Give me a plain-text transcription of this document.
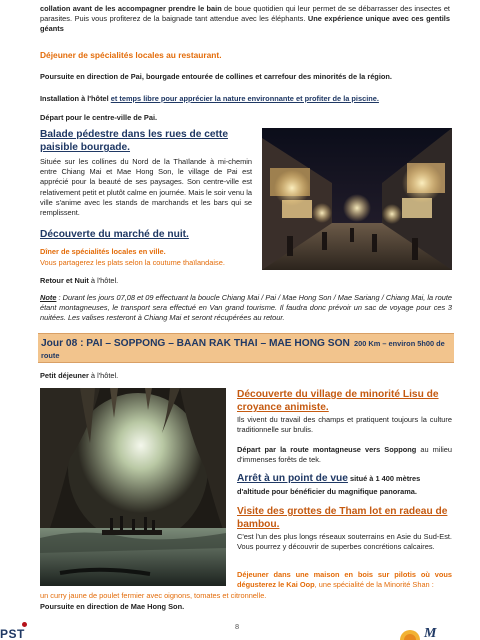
collation avant de les accompagner prendre le bain de boue quotidien qui leur permet de se débarrasser des insectes et parasites. Puis vous profiterez de la baignade tant attendue avec les éléphants. Une expérience unique avec ces gentils géants
Déjeuner de spécialités locales au restaurant.
Poursuite en direction de Pai, bourgade entourée de collines et carrefour des minorités de la région.
Installation à l'hôtel et temps libre pour apprécier la nature environnante et profiter de la piscine.
Départ pour le centre-ville de Pai.
Balade pédestre dans les rues de cette paisible bourgade.
Située sur les collines du Nord de la Thaïlande à mi-chemin entre Chiang Mai et Mae Hong Son, le village de Pai est apprécié pour la beauté de ses paysages. Son centre-ville est relativement petit et plutôt calme en journée. Mais le soir venu la ville s'anime avec les stands de marchands et les bars qui se remplissent.
Découverte du marché de nuit.
Dîner de spécialités locales en ville.
Vous partagerez les plats selon la coutume thaïlandaise.
Retour et Nuit à l'hôtel.
Note : Durant les jours 07,08 et 09 effectuant la boucle Chiang Mai / Pai / Mae Hong Son / Mae Sariang / Chiang Mai, la route étant montagneuses, le transport sera effectué en Van grand tourisme. Il faudra donc prévoir un sac de voyage pour ces 3 nuitées. Les valises resteront à Chiang Mai et seront récupérées au retour.
Jour 08 : PAI – SOPPONG – BAAN RAK THAI – MAE HONG SON 200 Km – environ 5h00 de
route
Petit déjeuner à l'hôtel.
Découverte du village de minorité Lisu de croyance animiste.
Ils vivent du travail des champs et pratiquent toujours la culture traditionnelle sur brulis.
Départ par la route montagneuse vers Soppong au milieu d'immenses forêts de tek.
Arrêt à un point de vue situé à 1 400 mètres
d'altitude pour bénéficier du magnifique panorama.
Visite des grottes de Tham lot en radeau de bambou.
C'est l'un des plus longs réseaux souterrains en Asie du Sud-Est. Vous pourrez y découvrir de superbes concrétions calcaires.
Déjeuner dans une maison en bois sur pilotis où vous dégusterez le Kai Oop, une spécialité de la Minorité Shan :
un curry jaune de poulet fermier avec oignons, tomates et citronnelle.
Poursuite en direction de Mae Hong Son.
8
PST	M
